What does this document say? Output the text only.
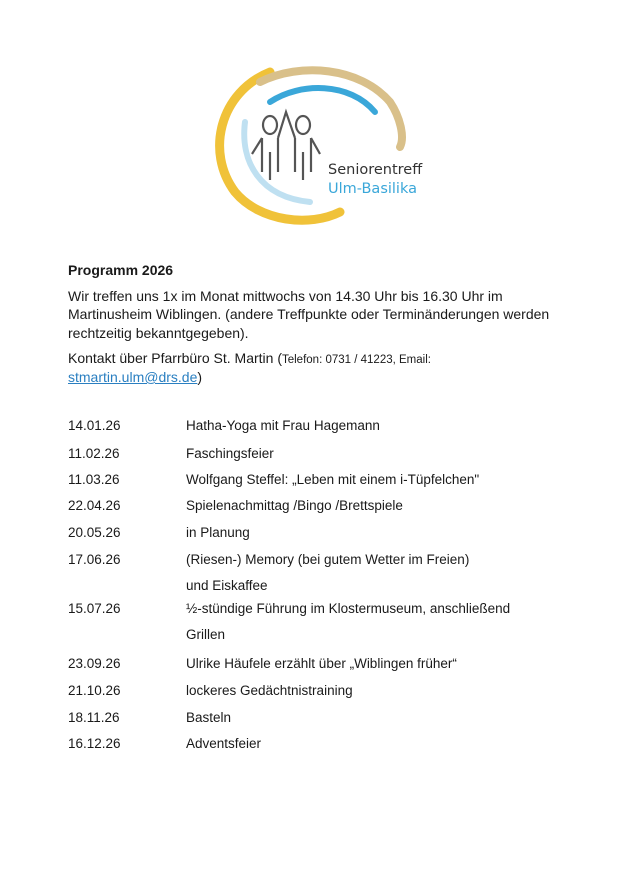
Seniorentreff
Ulm-Basilika
Programm 2026
Wir treffen uns 1x im Monat mittwochs von 14.30 Uhr bis 16.30 Uhr im Martinusheim Wiblingen. (andere Treffpunkte oder Terminänderungen werden rechtzeitig bekanntgegeben).
Kontakt über Pfarrbüro St. Martin (Telefon: 0731 / 41223, Email:
stmartin.ulm@drs.de)
14.01.26	Hatha-Yoga mit Frau Hagemann
11.02.26	Faschingsfeier
11.03.26	Wolfgang Steffel: „Leben mit einem i-Tüpfelchen"
22.04.26	Spielenachmittag /Bingo /Brettspiele
20.05.26	in Planung
17.06.26	(Riesen-) Memory (bei gutem Wetter im Freien)
und Eiskaffee
15.07.26	½-stündige Führung im Klostermuseum, anschließend
Grillen
23.09.26	Ulrike Häufele erzählt über „Wiblingen früher“
21.10.26	lockeres Gedächtnistraining
18.11.26	Basteln
16.12.26	Adventsfeier
